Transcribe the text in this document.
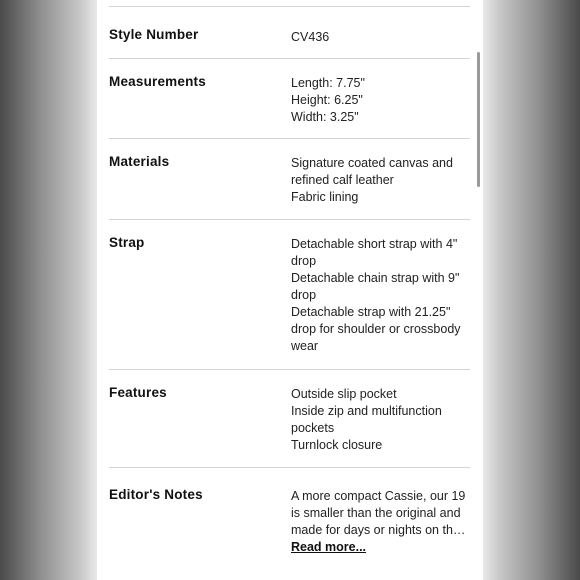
Style Number	CV436
Measurements	Length: 7.75"
Height: 6.25"
Width: 3.25"
Materials	Signature coated canvas and
refined calf leather
Fabric lining
Strap	Detachable short strap with 4"
drop
Detachable chain strap with 9"
drop
Detachable strap with 21.25"
drop for shoulder or crossbody
wear
Features	Outside slip pocket
Inside zip and multifunction
pockets
Turnlock closure
Editor's Notes	A more compact Cassie, our 19
is smaller than the original and
made for days or nights on th…
Read more...
